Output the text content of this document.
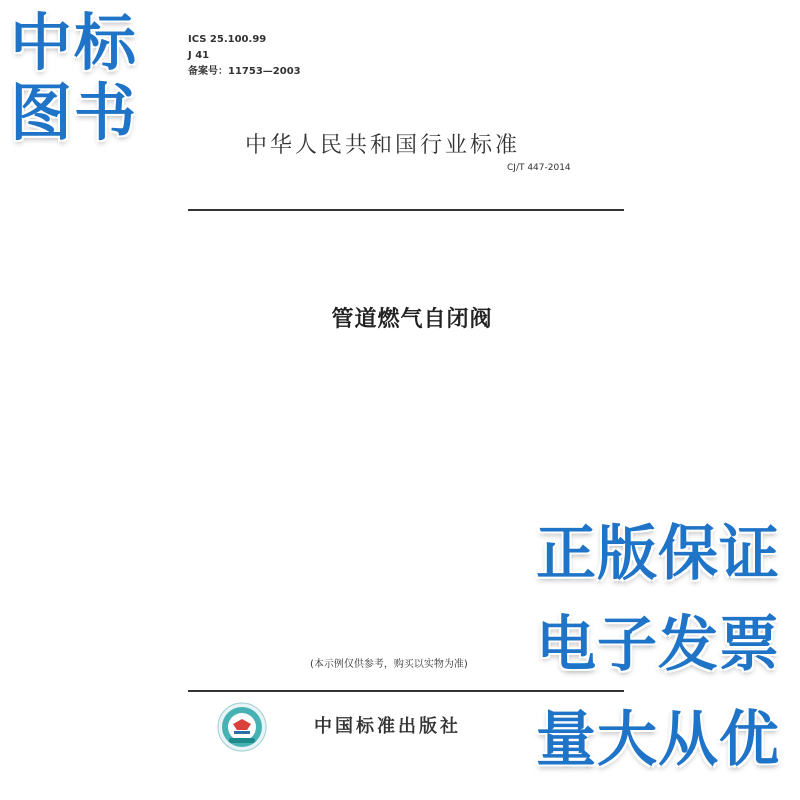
中标
图书
正版保证
电子发票
量大从优
ICS 25.100.99
J 41
备案号：11753—2003
中华人民共和国行业标准
CJ/T 447-2014
管道燃气自闭阀
(本示例仅供参考，购买以实物为准)
中国标准出版社
